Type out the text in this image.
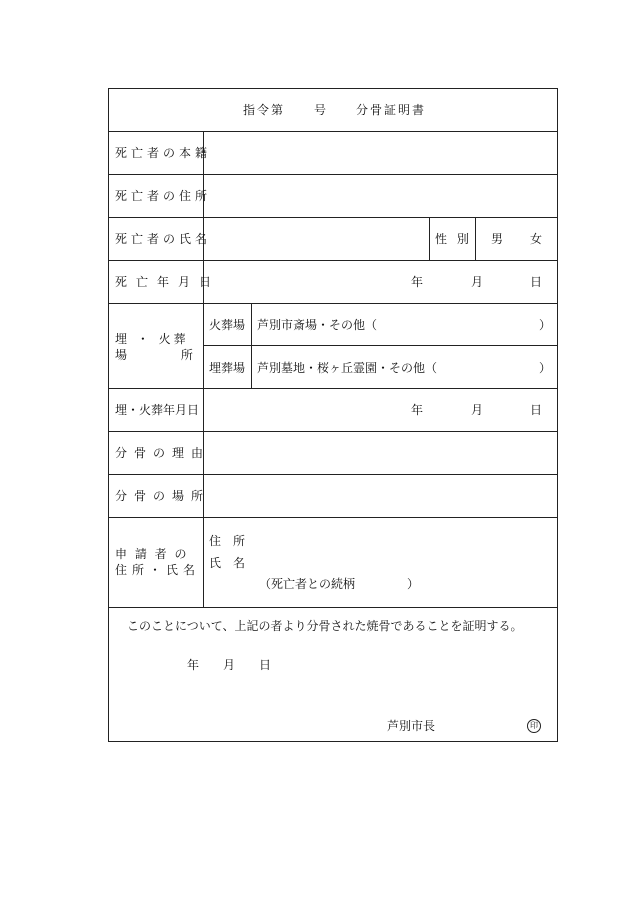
指令第 号 分骨証明書
死亡者の本籍
死亡者の住所
死亡者の氏名	性 別 男 女
死亡年月日	年	月	日
埋 ・ 火葬
場 所
火葬場 芦別市斎場・その他（	）
埋葬場 芦別墓地・桜ヶ丘霊園・その他（	）
埋・火葬年月日	年	月	日
分骨の理由
分骨の場所
申 請 者 の
住所・氏名
住　所
氏　名
（死亡者との続柄	）
このことについて、上記の者より分骨された焼骨であることを証明する。
年 月 日
芦別市長	印
